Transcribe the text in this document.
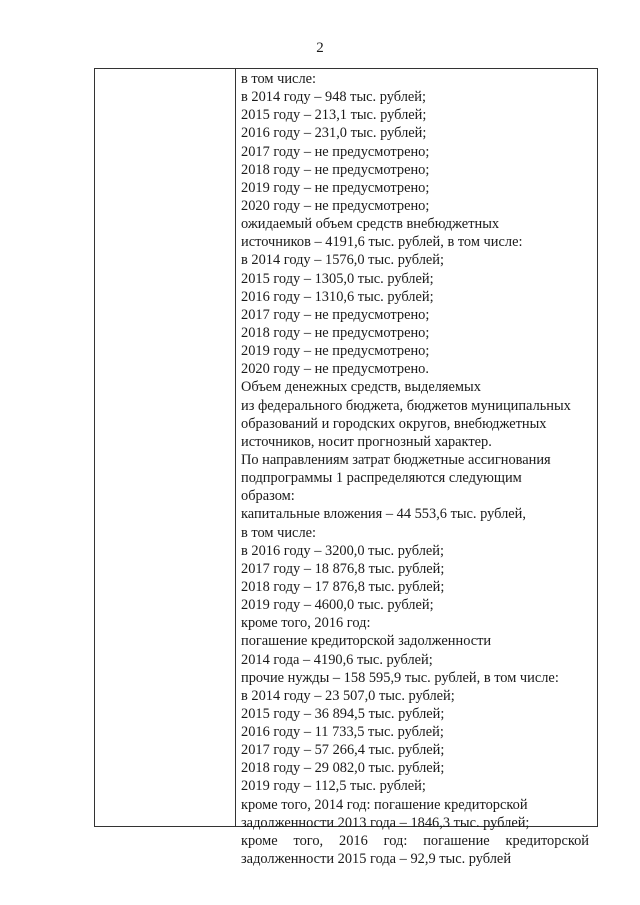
2
в том числе:
в 2014 году – 948 тыс. рублей;
2015 году – 213,1 тыс. рублей;
2016 году – 231,0 тыс. рублей;
2017 году – не предусмотрено;
2018 году – не предусмотрено;
2019 году – не предусмотрено;
2020 году – не предусмотрено;
ожидаемый объем средств внебюджетных
источников – 4191,6 тыс. рублей, в том числе:
в 2014 году – 1576,0 тыс. рублей;
2015 году – 1305,0 тыс. рублей;
2016 году – 1310,6 тыс. рублей;
2017 году – не предусмотрено;
2018 году – не предусмотрено;
2019 году – не предусмотрено;
2020 году – не предусмотрено.
Объем денежных средств, выделяемых
из федерального бюджета, бюджетов муниципальных
образований и городских округов, внебюджетных
источников, носит прогнозный характер.
По направлениям затрат бюджетные ассигнования
подпрограммы 1 распределяются следующим
образом:
капитальные вложения – 44 553,6 тыс. рублей,
в том числе:
в 2016 году – 3200,0 тыс. рублей;
2017 году – 18 876,8 тыс. рублей;
2018 году – 17 876,8 тыс. рублей;
2019 году – 4600,0 тыс. рублей;
кроме того, 2016 год:
погашение кредиторской задолженности
2014 года – 4190,6 тыс. рублей;
прочие нужды – 158 595,9 тыс. рублей, в том числе:
в 2014 году – 23 507,0 тыс. рублей;
2015 году – 36 894,5 тыс. рублей;
2016 году – 11 733,5 тыс. рублей;
2017 году – 57 266,4 тыс. рублей;
2018 году – 29 082,0 тыс. рублей;
2019 году – 112,5 тыс. рублей;
кроме того, 2014 год: погашение кредиторской
задолженности 2013 года – 1846,3 тыс. рублей;
кроме того, 2016 год: погашение кредиторской
задолженности 2015 года – 92,9 тыс. рублей
